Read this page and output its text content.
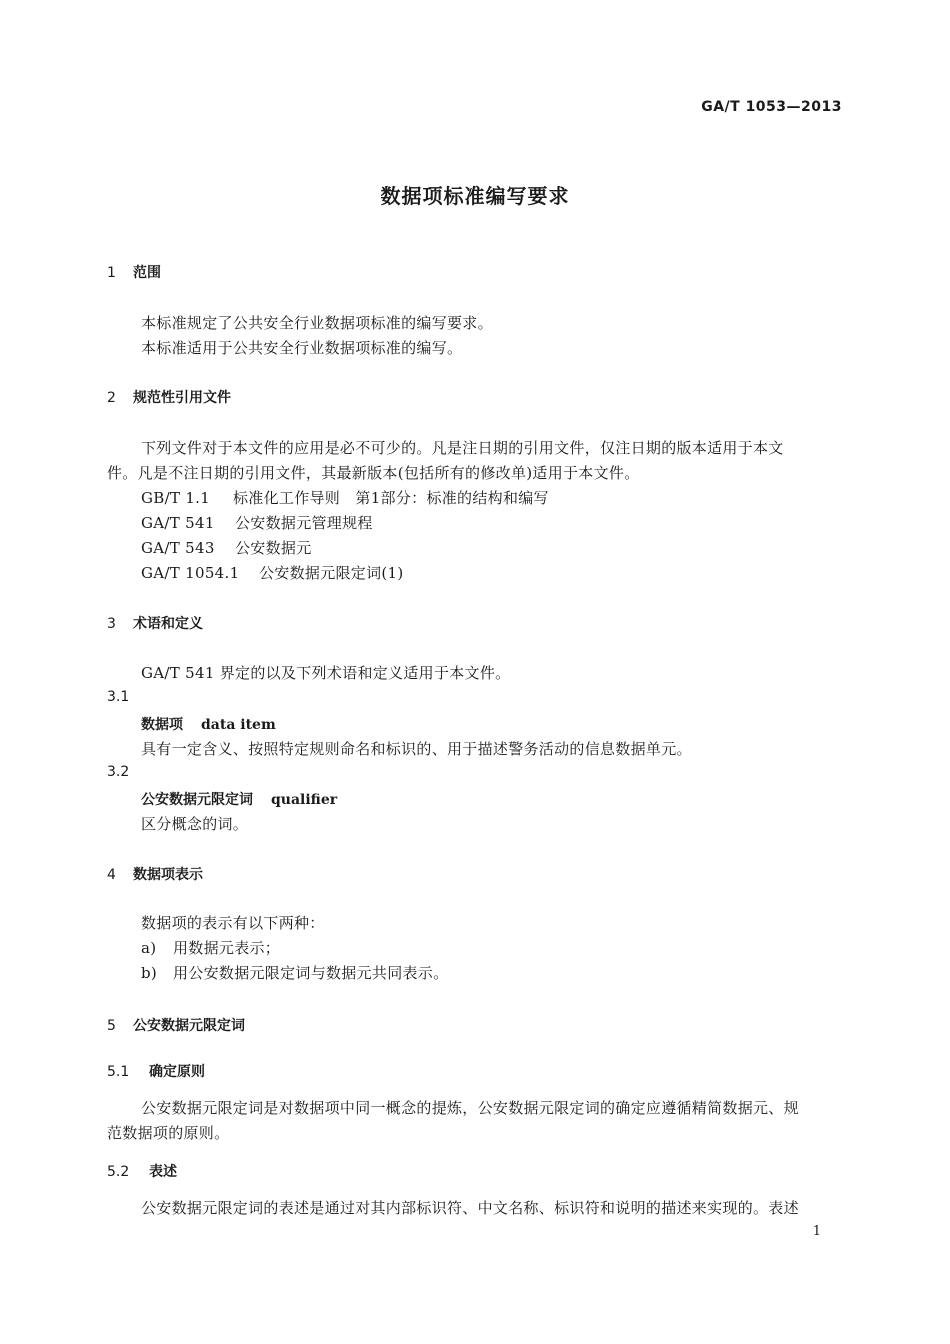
GA/T 1053—2013
数据项标准编写要求
1 范围
本标准规定了公共安全行业数据项标准的编写要求。
本标准适用于公共安全行业数据项标准的编写。
2 规范性引用文件
下列文件对于本文件的应用是必不可少的。凡是注日期的引用文件，仅注日期的版本适用于本文
件。凡是不注日期的引用文件，其最新版本(包括所有的修改单)适用于本文件。
GB/T 1.1 标准化工作导则　第1部分：标准的结构和编写
GA/T 541 公安数据元管理规程
GA/T 543 公安数据元
GA/T 1054.1 公安数据元限定词(1)
3 术语和定义
GA/T 541 界定的以及下列术语和定义适用于本文件。
3.1
数据项 data item
具有一定含义、按照特定规则命名和标识的、用于描述警务活动的信息数据单元。
3.2
公安数据元限定词 qualifier
区分概念的词。
4 数据项表示
数据项的表示有以下两种：
a) 用数据元表示；
b) 用公安数据元限定词与数据元共同表示。
5 公安数据元限定词
5.1 确定原则
公安数据元限定词是对数据项中同一概念的提炼，公安数据元限定词的确定应遵循精简数据元、规
范数据项的原则。
5.2 表述
公安数据元限定词的表述是通过对其内部标识符、中文名称、标识符和说明的描述来实现的。表述
1
